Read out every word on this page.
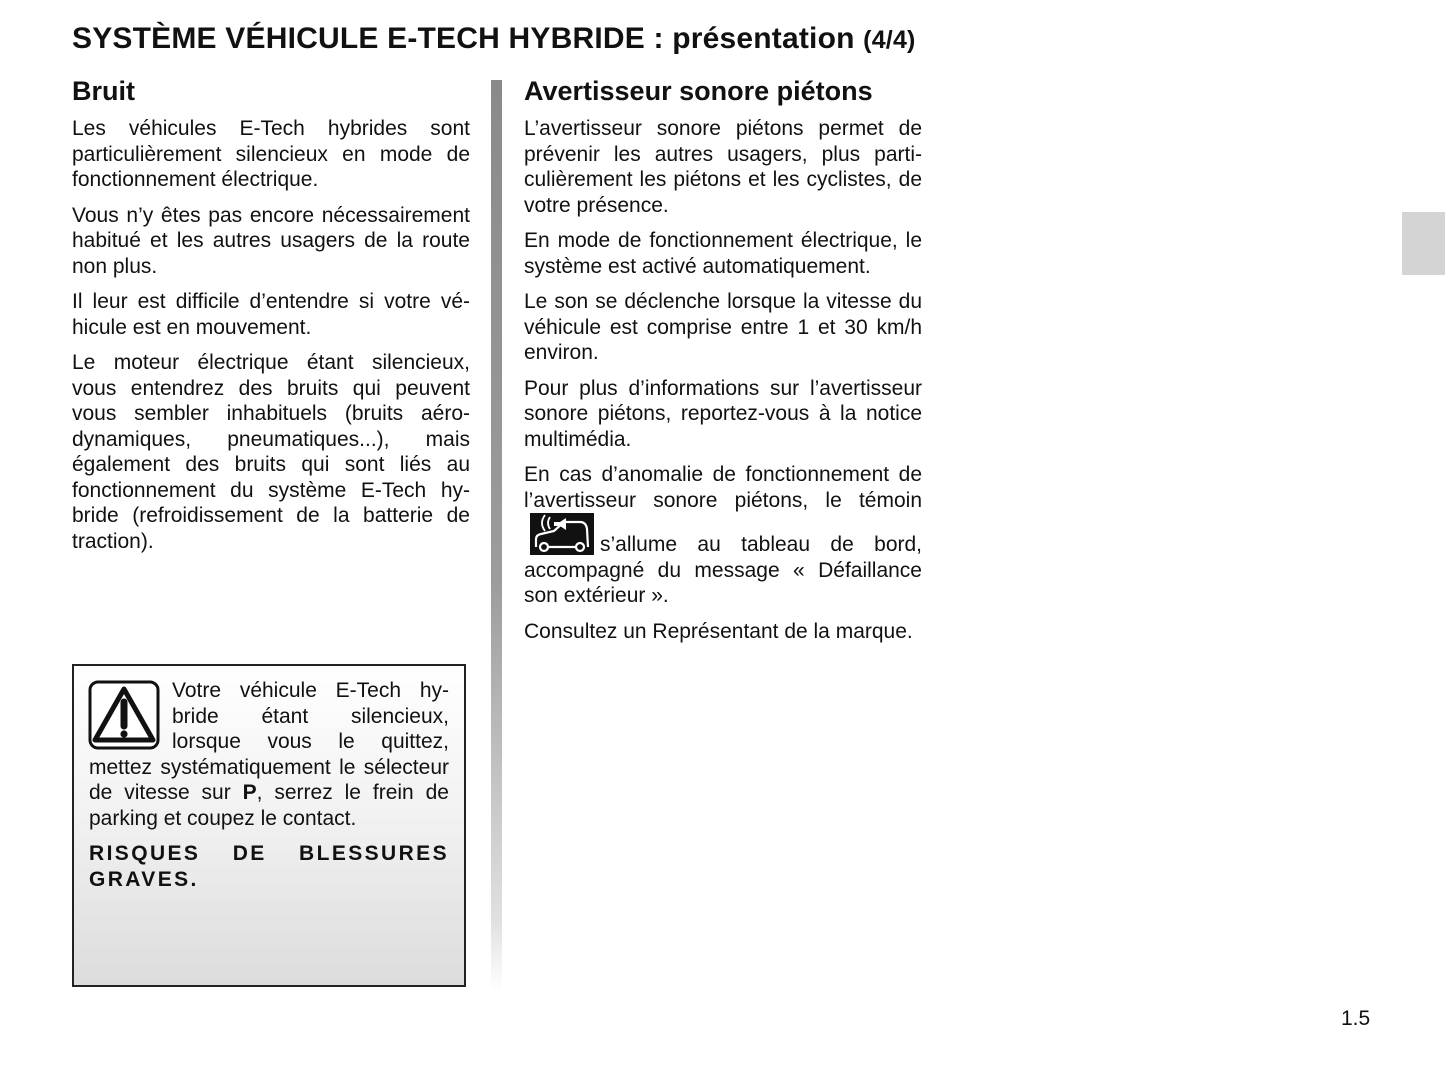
SYSTÈME VÉHICULE E-TECH HYBRIDE : présentation (4/4)
Bruit

Les véhicules E-Tech hybrides sont particulièrement silencieux en mode de fonctionnement électrique.

Vous n’y êtes pas encore nécessairement habitué et les autres usagers de la route non plus.

Il leur est difficile d’entendre si votre véhicule est en mouvement.

Le moteur électrique étant silencieux, vous entendrez des bruits qui peuvent vous sembler inhabituels (bruits aérodynamiques, pneumatiques...), mais également des bruits qui sont liés au fonctionnement du système E-Tech hybride (refroidissement de la batterie de traction).

Votre véhicule E-Tech hybride étant silencieux, lorsque vous le quittez, mettez systématiquement le sélecteur de vitesse sur P, serrez le frein de parking et coupez le contact.

RISQUES DE BLESSURES GRAVES.

Avertisseur sonore piétons

L’avertisseur sonore piétons permet de prévenir les autres usagers, plus particulièrement les piétons et les cyclistes, de votre présence.

En mode de fonctionnement électrique, le système est activé automatiquement.

Le son se déclenche lorsque la vitesse du véhicule est comprise entre 1 et 30 km/h environ.

Pour plus d’informations sur l’avertisseur sonore piétons, reportez-vous à la notice multimédia.

En cas d’anomalie de fonctionnement de l’avertisseur sonore piétons, le témoins’allume au tableau de bord, accompagné du message « Défaillance son extérieur ».

Consultez un Représentant de la marque.

1.5
